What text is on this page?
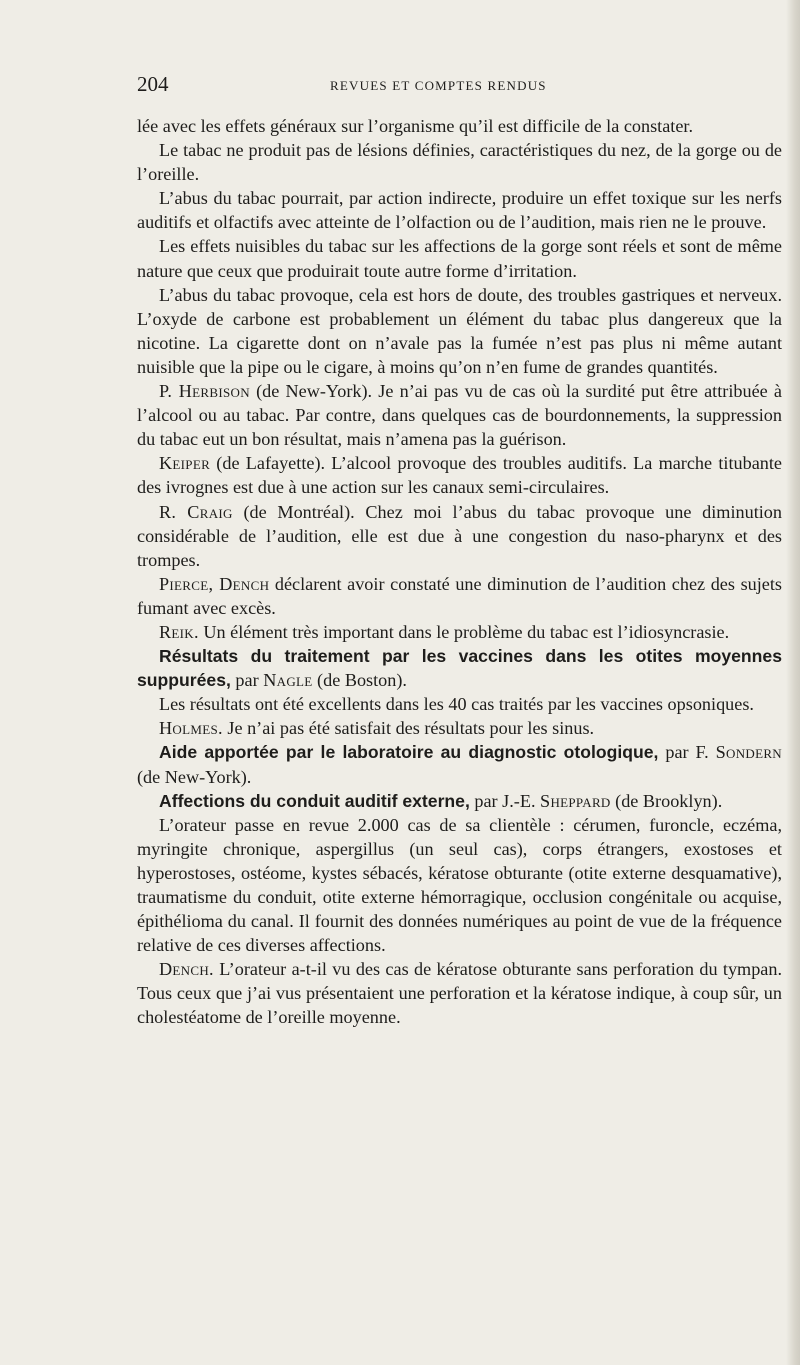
204	REVUES ET COMPTES RENDUS

lée avec les effets généraux sur l’organisme qu’il est difficile de la constater.

Le tabac ne produit pas de lésions définies, caractéristiques du nez, de la gorge ou de l’oreille.

L’abus du tabac pourrait, par action indirecte, produire un effet toxique sur les nerfs auditifs et olfactifs avec atteinte de l’olfaction ou de l’audition, mais rien ne le prouve.

Les effets nuisibles du tabac sur les affections de la gorge sont réels et sont de même nature que ceux que produirait toute autre forme d’irritation.

L’abus du tabac provoque, cela est hors de doute, des troubles gastriques et nerveux. L’oxyde de carbone est probablement un élément du tabac plus dangereux que la nicotine. La cigarette dont on n’avale pas la fumée n’est pas plus ni même autant nuisible que la pipe ou le cigare, à moins qu’on n’en fume de grandes quantités.

P. Herbison (de New-York). Je n’ai pas vu de cas où la surdité put être attribuée à l’alcool ou au tabac. Par contre, dans quelques cas de bourdonnements, la suppression du tabac eut un bon résultat, mais n’amena pas la guérison.

Keiper (de Lafayette). L’alcool provoque des troubles auditifs. La marche titubante des ivrognes est due à une action sur les canaux semi-circulaires.

R. Craig (de Montréal). Chez moi l’abus du tabac provoque une diminution considérable de l’audition, elle est due à une congestion du naso-pharynx et des trompes.

Pierce, Dench déclarent avoir constaté une diminution de l’audition chez des sujets fumant avec excès.

Reik. Un élément très important dans le problème du tabac est l’idiosyncrasie.

Résultats du traitement par les vaccines dans les otites moyennes suppurées, par Nagle (de Boston).

Les résultats ont été excellents dans les 40 cas traités par les vaccines opsoniques.

Holmes. Je n’ai pas été satisfait des résultats pour les sinus.

Aide apportée par le laboratoire au diagnostic otologique, par F. Sondern (de New-York).

Affections du conduit auditif externe, par J.-E. Sheppard (de Brooklyn).

L’orateur passe en revue 2.000 cas de sa clientèle : cérumen, furoncle, eczéma, myringite chronique, aspergillus (un seul cas), corps étrangers, exostoses et hyperostoses, ostéome, kystes sébacés, kératose obturante (otite externe desquamative), traumatisme du conduit, otite externe hémorragique, occlusion congénitale ou acquise, épithélioma du canal. Il fournit des données numériques au point de vue de la fréquence relative de ces diverses affections.

Dench. L’orateur a-t-il vu des cas de kératose obturante sans perforation du tympan. Tous ceux que j’ai vus présentaient une perforation et la kératose indique, à coup sûr, un cholestéatome de l’oreille moyenne.
